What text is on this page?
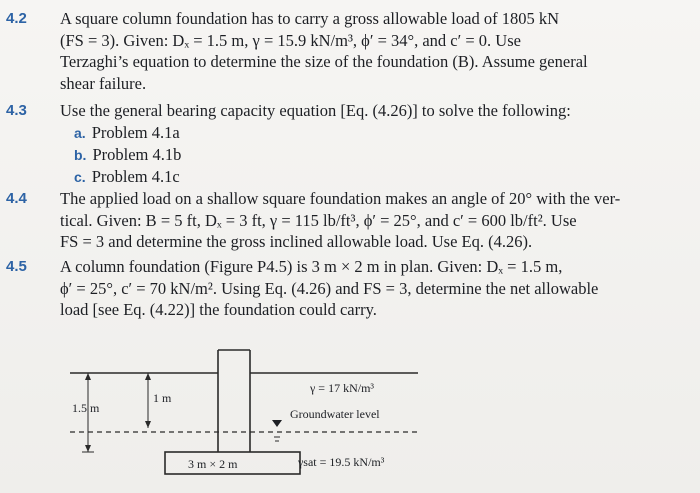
4.2 A square column foundation has to carry a gross allowable load of 1805 kN
(FS = 3). Given: Dₓ = 1.5 m, γ = 15.9 kN/m³, ϕ′ = 34°, and c′ = 0. Use
Terzaghi’s equation to determine the size of the foundation (B). Assume general
shear failure.

4.3 Use the general bearing capacity equation [Eq. (4.26)] to solve the following:

a. Problem 4.1a
b. Problem 4.1b
c. Problem 4.1c
4.4 The applied load on a shallow square foundation makes an angle of 20° with the ver-
tical. Given: B = 5 ft, Dₓ = 3 ft, γ = 115 lb/ft³, ϕ′ = 25°, and c′ = 600 lb/ft². Use
FS = 3 and determine the gross inclined allowable load. Use Eq. (4.26).

4.5 A column foundation (Figure P4.5) is 3 m × 2 m in plan. Given: Dₓ = 1.5 m,
ϕ′ = 25°, c′ = 70 kN/m². Using Eq. (4.26) and FS = 3, determine the net allowable
load [see Eq. (4.22)] the foundation could carry.

1.5 m
1 m
γ = 17 kN/m³
Groundwater level
3 m × 2 m	γsat = 19.5 kN/m³
